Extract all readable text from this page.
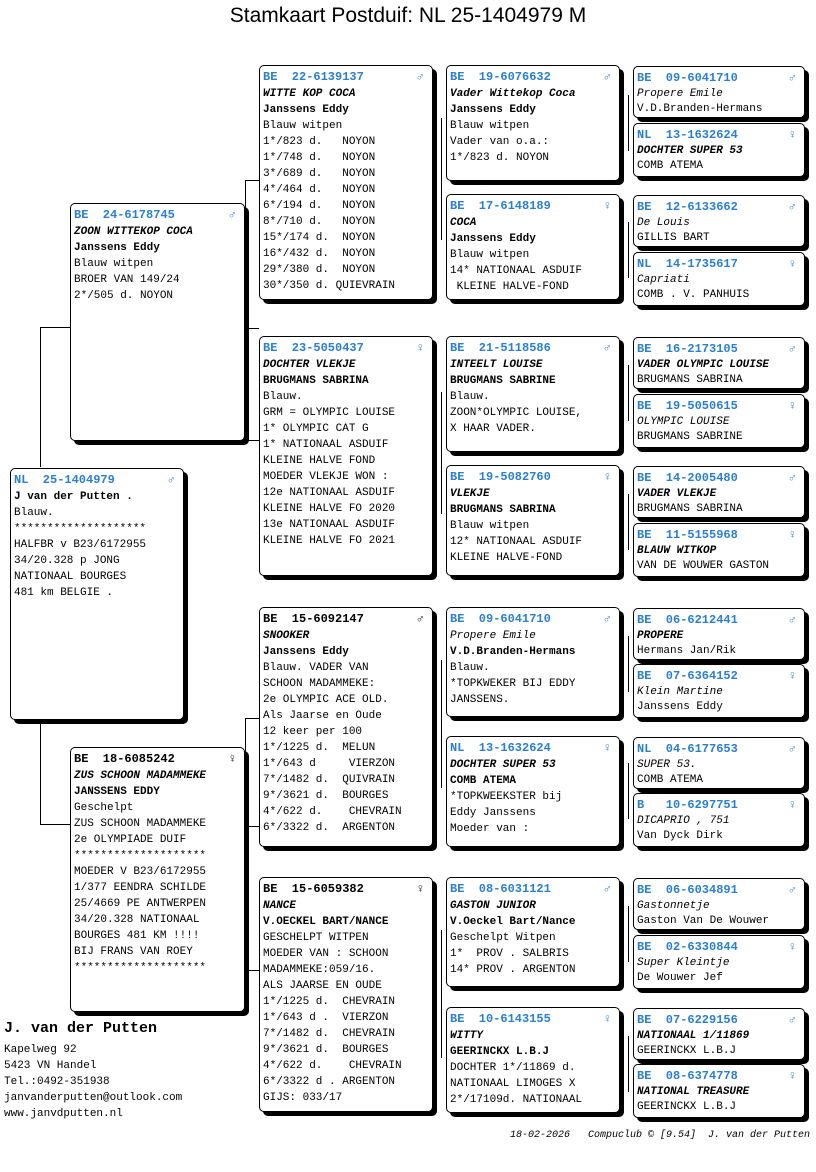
Stamkaart Postduif: NL 25-1404979 M
NL  25-1404979	♂
J van der Putten .
Blauw.
********************
HALFBR v B23/6172955
34/20.328 p JONG
NATIONAAL BOURGES
481 km BELGIE .
BE  24-6178745	♂
ZOON WITTEKOP COCA
Janssens Eddy
Blauw witpen
BROER VAN 149/24
2*/505 d. NOYON
BE  18-6085242	♀
ZUS SCHOON MADAMMEKE
JANSSENS EDDY
Geschelpt
ZUS SCHOON MADAMMEKE
2e OLYMPIADE DUIF
********************
MOEDER V B23/6172955
1/377 EENDRA SCHILDE
25/4669 PE ANTWERPEN
34/20.328 NATIONAAL
BOURGES 481 KM !!!!
BIJ FRANS VAN ROEY
********************
BE  22-6139137	♂
WITTE KOP COCA
Janssens Eddy
Blauw witpen
1*/823 d.   NOYON
1*/748 d.   NOYON
3*/689 d.   NOYON
4*/464 d.   NOYON
6*/194 d.   NOYON
8*/710 d.   NOYON
15*/174 d.  NOYON
16*/432 d.  NOYON
29*/380 d.  NOYON
30*/350 d. QUIEVRAIN
BE  23-5050437	♀
DOCHTER VLEKJE
BRUGMANS SABRINA
Blauw.
GRM = OLYMPIC LOUISE
1* OLYMPIC CAT G
1* NATIONAAL ASDUIF
KLEINE HALVE FOND
MOEDER VLEKJE WON :
12e NATIONAAL ASDUIF
KLEINE HALVE FO 2020
13e NATIONAAL ASDUIF
KLEINE HALVE FO 2021
BE  15-6092147	♂
SNOOKER
Janssens Eddy
Blauw. VADER VAN
SCHOON MADAMMEKE:
2e OLYMPIC ACE OLD.
Als Jaarse en Oude
12 keer per 100
1*/1225 d.  MELUN
1*/643 d     VIERZON
7*/1482 d.  QUIVRAIN
9*/3621 d.  BOURGES
4*/622 d.    CHEVRAIN
6*/3322 d.  ARGENTON
BE  15-6059382	♀
NANCE
V.OECKEL BART/NANCE
GESCHELPT WITPEN
MOEDER VAN : SCHOON
MADAMMEKE:059/16.
ALS JAARSE EN OUDE
1*/1225 d.  CHEVRAIN
1*/643 d .  VIERZON
7*/1482 d.  CHEVRAIN
9*/3621 d.  BOURGES
4*/622 d.    CHEVRAIN
6*/3322 d . ARGENTON
GIJS: 033/17
BE  19-6076632	♂
Vader Wittekop Coca
Janssens Eddy
Blauw witpen
Vader van o.a.:
1*/823 d. NOYON
BE  17-6148189	♀
COCA
Janssens Eddy
Blauw witpen
14* NATIONAAL ASDUIF
KLEINE HALVE-FOND
BE  21-5118586	♂
INTEELT LOUISE
BRUGMANS SABRINE
Blauw.
ZOON*OLYMPIC LOUISE,
X HAAR VADER.
BE  19-5082760	♀
VLEKJE
BRUGMANS SABRINA
Blauw witpen
12* NATIONAAL ASDUIF
KLEINE HALVE-FOND
BE  09-6041710	♂
Propere Emile
V.D.Branden-Hermans
Blauw.
*TOPKWEKER BIJ EDDY
JANSSENS.
NL  13-1632624	♀
DOCHTER SUPER 53
COMB ATEMA
*TOPKWEEKSTER bij
Eddy Janssens
Moeder van :
BE  08-6031121	♂
GASTON JUNIOR
V.Oeckel Bart/Nance
Geschelpt Witpen
1*  PROV . SALBRIS
14* PROV . ARGENTON
BE  10-6143155	♀
WITTY
GEERINCKX L.B.J
DOCHTER 1*/11869 d.
NATIONAAL LIMOGES X
2*/17109d. NATIONAAL
BE  09-6041710	♂
Propere Emile
V.D.Branden-Hermans
NL  13-1632624	♀
DOCHTER SUPER 53
COMB ATEMA
BE  12-6133662	♂
De Louis
GILLIS BART
NL  14-1735617	♀
Capriati
COMB . V. PANHUIS
BE  16-2173105	♂
VADER OLYMPIC LOUISE
BRUGMANS SABRINA
BE  19-5050615	♀
OLYMPIC LOUISE
BRUGMANS SABRINE
BE  14-2005480	♂
VADER VLEKJE
BRUGMANS SABRINA
BE  11-5155968	♀
BLAUW WITKOP
VAN DE WOUWER GASTON
BE  06-6212441	♂
PROPERE
Hermans Jan/Rik
BE  07-6364152	♀
Klein Martine
Janssens Eddy
NL  04-6177653	♂
SUPER 53.
COMB ATEMA
B   10-6297751	♀
DICAPRIO , 751
Van Dyck Dirk
BE  06-6034891	♂
Gastonnetje
Gaston Van De Wouwer
BE  02-6330844	♀
Super Kleintje
De Wouwer Jef
BE  07-6229156	♂
NATIONAAL 1/11869
GEERINCKX L.B.J
BE  08-6374778	♀
NATIONAL TREASURE
GEERINCKX L.B.J
J. van der Putten
Kapelweg 92
5423 VN Handel
Tel.:0492-351938
janvanderputten@outlook.com
www.janvdputten.nl
18-02-2026   Compuclub © [9.54]  J. van der Putten
